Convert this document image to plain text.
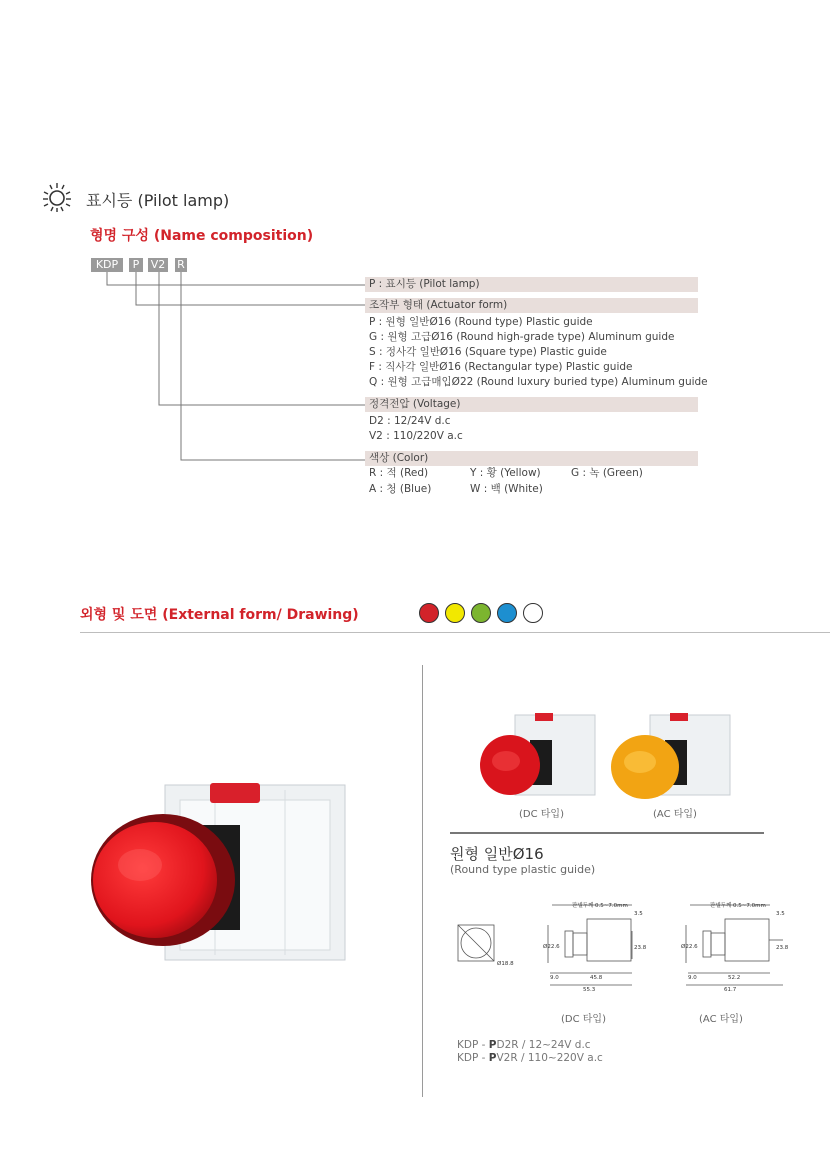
표시등 (Pilot lamp)
형명 구성 (Name composition)
KDP	P	V2 R
P : 표시등 (Pilot lamp)
조작부 형태 (Actuator form)
P : 원형 일반Ø16 (Round type) Plastic guide
G : 원형 고급Ø16 (Round high-grade type) Aluminum guide
S : 정사각 일반Ø16 (Square type) Plastic guide
F : 직사각 일반Ø16 (Rectangular type) Plastic guide
Q : 원형 고급매입Ø22 (Round luxury buried type) Aluminum guide
정격전압 (Voltage)
D2 : 12/24V d.c
V2 : 110/220V a.c
색상 (Color)
R : 적 (Red)	Y : 황 (Yellow)	G : 녹 (Green)
A : 청 (Blue)	W : 백 (White)
외형 및 도면 (External form/ Drawing)
(DC 타입)	(AC 타입)
원형 일반Ø16
(Round type plastic guide)
Ø18.8
판넬두께 0.5~7.0mm
3.5
Ø22.6	23.8
9.0	45.8
55.3
판넬두께 0.5~7.0mm
3.5
Ø22.6	23.8
9.0	52.2
61.7
(DC 타입)	(AC 타입)
KDP - PD2R / 12~24V d.c
KDP - PV2R / 110~220V a.c
